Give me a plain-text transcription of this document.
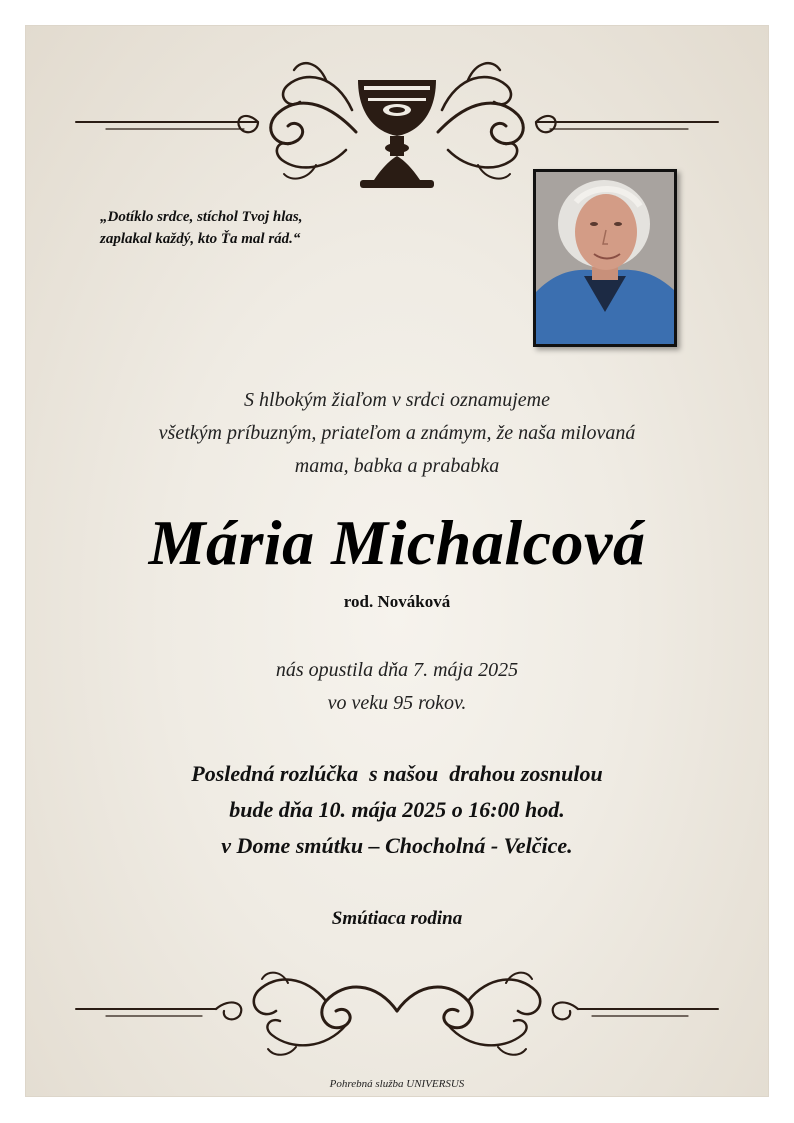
„Dotíklo srdce, stíchol Tvoj hlas,
zaplakal každý, kto Ťa mal rád.“
S hlbokým žiaľom v srdci oznamujeme
všetkým príbuzným, priateľom a známym, že naša milovaná
mama, babka a prababka
Mária Michalcová
rod. Nováková
nás opustila dňa 7. mája 2025
vo veku 95 rokov.
Posledná rozlúčka  s našou  drahou zosnulou
bude dňa 10. mája 2025 o 16:00 hod.
v Dome smútku – Chocholná - Velčice.
Smútiaca rodina
Pohrebná služba UNIVERSUS
